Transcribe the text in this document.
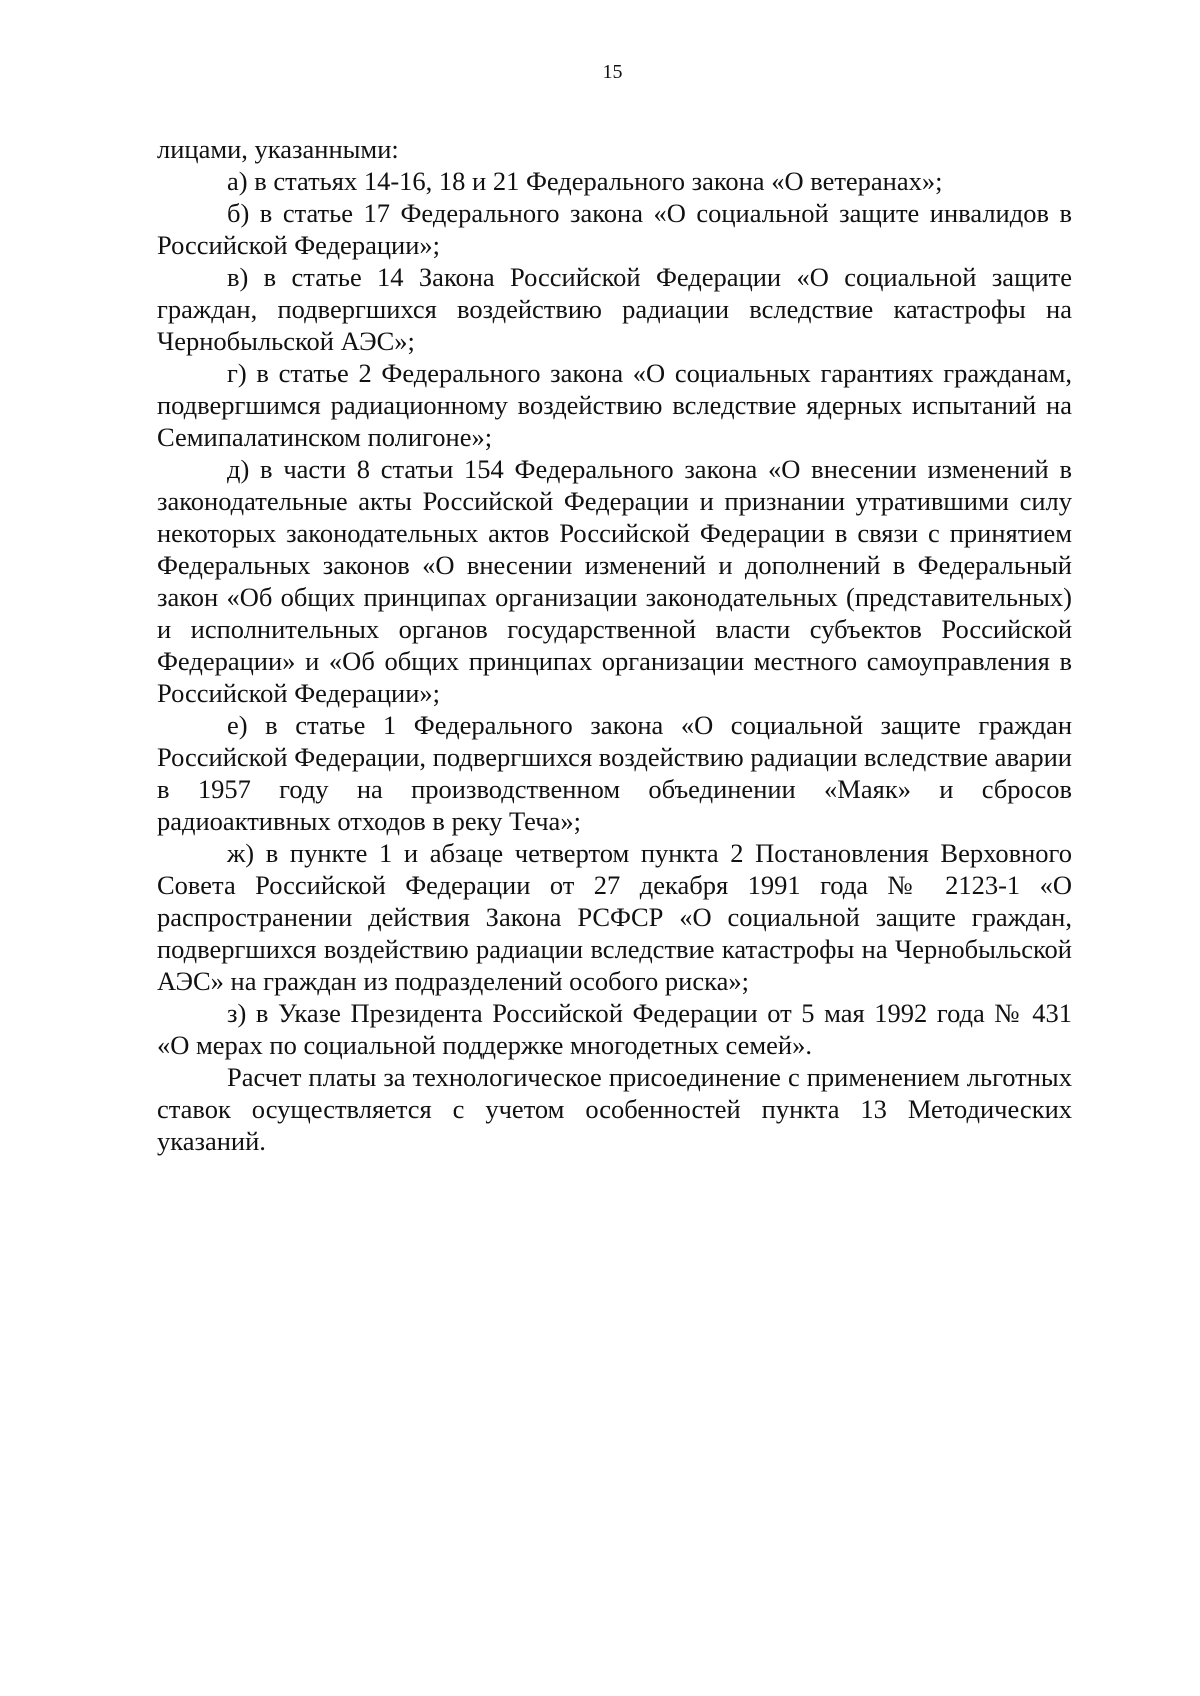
15

лицами, указанными:

а) в статьях 14-16, 18 и 21 Федерального закона «О ветеранах»;

б) в статье 17 Федерального закона «О социальной защите инвалидов в Российской Федерации»;

в) в статье 14 Закона Российской Федерации «О социальной защите граждан, подвергшихся воздействию радиации вследствие катастрофы на Чернобыльской АЭС»;

г) в статье 2 Федерального закона «О социальных гарантиях гражданам, подвергшимся радиационному воздействию вследствие ядерных испытаний на Семипалатинском полигоне»;

д) в части 8 статьи 154 Федерального закона «О внесении изменений в законодательные акты Российской Федерации и признании утратившими силу некоторых законодательных актов Российской Федерации в связи с принятием Федеральных законов «О внесении изменений и дополнений в Федеральный закон «Об общих принципах организации законодательных (представительных) и исполнительных органов государственной власти субъектов Российской Федерации» и «Об общих принципах организации местного самоуправления в Российской Федерации»;

е) в статье 1 Федерального закона «О социальной защите граждан Российской Федерации, подвергшихся воздействию радиации вследствие аварии в 1957 году на производственном объединении «Маяк» и сбросов радиоактивных отходов в реку Теча»;

ж) в пункте 1 и абзаце четвертом пункта 2 Постановления Верховного Совета Российской Федерации от 27 декабря 1991 года № 2123-1 «О распространении действия Закона РСФСР «О социальной защите граждан, подвергшихся воздействию радиации вследствие катастрофы на Чернобыльской АЭС» на граждан из подразделений особого риска»;

з) в Указе Президента Российской Федерации от 5 мая 1992 года № 431 «О мерах по социальной поддержке многодетных семей».

Расчет платы за технологическое присоединение с применением льготных ставок осуществляется с учетом особенностей пункта 13 Методических указаний.
